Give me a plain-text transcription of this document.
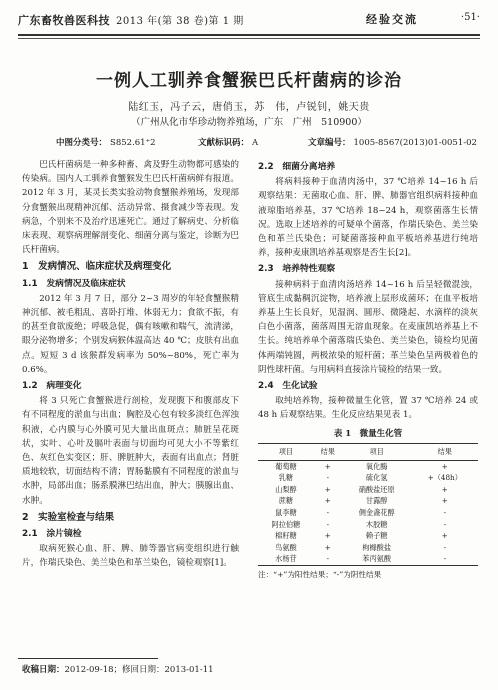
广东畜牧兽医科技 2013 年(第 38 卷)第 1 期	经验交流	·51·
一例人工驯养食蟹猴巴氏杆菌病的诊治
陆红玉，冯子云，唐俏玉，苏　伟，卢锐钊，姚天贵
（广州从化市华珍动物养殖场，广东　广州　510900）
中图分类号： S852.61⁺2	文献标识码： A	文章编号： 1005-8567(2013)01-0051-02

巴氏杆菌病是一种多种畜、禽及野生动物都可感染的传染病。国内人工驯养食蟹猴发生巴氏杆菌病鲜有报道。2012 年 3 月，某灵长类实验动物食蟹猴养殖场，发现部分食蟹猴出现精神沉郁、活动异常、摄食减少等表现。发病急，个别来不及治疗迅速死亡。通过了解病史、分析临床表现、观察病理解剖变化、细菌分离与鉴定，诊断为巴氏杆菌病。

1　发病情况、临床症状及病理变化
1.1　发病情况及临床症状

2012 年 3 月 7 日，部分 2~3 周岁的年轻食蟹猴精神沉郁、被毛粗乱、喜卧打堆、体弱无力；食欲不振，有的甚至食欲废绝；呼吸急促，偶有咳嗽和喘气，流清涕，眼分泌物增多；个别发病猴体温高达 40 ℃；皮肤有出血点。短短 3 d 该猴群发病率为 50%~80%，死亡率为 0.6%。

1.2　病理变化

将 3 只死亡食蟹猴进行剖检，发现腹下和腹部皮下有不同程度的淤血与出血；胸腔及心包有较多淡红色浑浊积液，心内膜与心外膜可见大量出血斑点；肺脏呈花斑状，实叶、心叶及膈叶表面与切面均可见大小不等紫红色、灰红色实变区；肝、脾脏肿大，表面有出血点；肾脏质地较软，切面结构不清；胃肠黏膜有不同程度的淤血与水肿，局部出血；肠系膜淋巴结出血，肿大；胰腺出血、水肿。

2　实验室检查与结果
2.1　涂片镜检

取病死猴心血、肝、脾、肺等器官病变组织进行触片，作瑞氏染色、美兰染色和革兰染色，镜检观察[1]。

2.2　细菌分离培养

将病料接种于血清肉汤中，37 ℃培养 14~16 h 后观察结果：无菌取心血、肝、脾、肺器官组织病料接种血液琼脂培养基，37 ℃培养 18~24 h，观察菌落生长情况。选取上述培养的可疑单个菌落，作瑞氏染色、美兰染色和革兰氏染色；可疑菌落接种血平板培养基进行纯培养，接种麦康凯培养基观察是否生长[2]。

2.3　培养特性观察

接种病料于血清肉汤培养 14~16 h 后呈轻微混浊，管底生成黏稠沉淀物，培养液上层形成菌环；在血平板培养基上生长良好，见湿润、圆形、微隆起、水滴样的淡灰白色小菌落，菌落周围无溶血现象。在麦康凯培养基上不生长。纯培养单个菌落瑞氏染色、美兰染色，镜检均见菌体两端钝圆，两极浓染的短杆菌；革兰染色呈两极着色的阴性球杆菌。与用病料直接涂片镜检的结果一致。

2.4　生化试验

取纯培养物，接种微量生化管，置 37 ℃培养 24 或 48 h 后观察结果。生化反应结果见表 1。

表 1　微量生化管
项目	结果	项目	结果
葡萄糖	+	氧化酶	+
乳糖	-	硫化氢	+（48h）
山梨醇	+	硝酸盐还原	+
蔗糖	+	甘露醇	+
鼠李糖	-	侧金盏花醇	-
阿拉伯糖	-	木胶糖	-
棉籽糖	+	赖子糖	+
鸟氨酸	+	枸橼酸盐	-
水杨苷	-	苯丙氨酸	-
注：“+”为阳性结果；“-”为阴性结果
收稿日期：2012-09-18；修回日期：2013-01-11
